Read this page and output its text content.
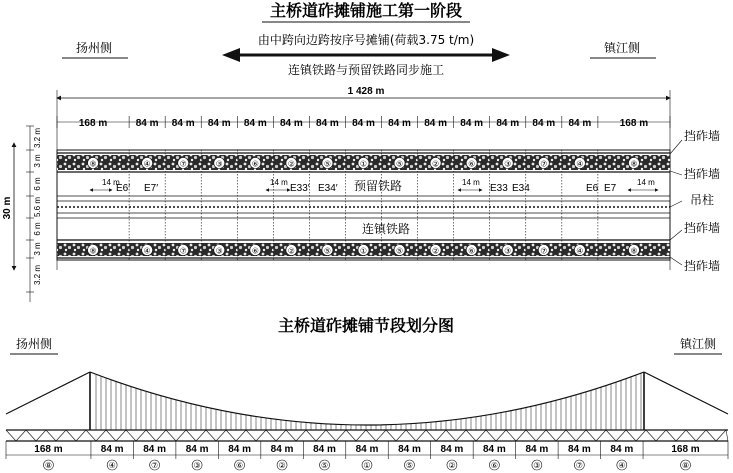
主桥道砟摊铺施工第一阶段
扬州侧	镇江侧
由中跨向边跨按序号摊铺(荷载3.75 t/m)
连镇铁路与预留铁路同步施工
1 428 m
168 m	84 m 84 m 84 m 84 m 84 m 84 m 84 m 84 m 84 m 84 m 84 m 84 m 84 m	168 m
⑧	④	⑦	③	⑥	②	⑤	①	⑤	②	⑥	③	⑦	④	⑧
⑧	④	⑦	③	⑥	②	⑤	①	⑤	②	⑥	③	⑦	④	⑧
预留铁路
连镇铁路
14 m	14 m	14 m	14 m
E6′ E7′	E33′ E34′	E33 E34	E6 E7
挡砟墙
挡砟墙
吊柱
挡砟墙
挡砟墙
30 m
3.2 m
3 m
6 m
5.6 m
6 m
3 m
3.2 m
主桥道砟摊铺节段划分图
扬州侧	镇江侧
168 m
⑧
84 m
④
84 m
⑦
84 m
③
84 m
⑥
84 m
②
84 m
⑤
84 m
①
84 m
⑤
84 m
②
84 m
⑥
84 m
③
84 m
⑦
84 m
④
168 m
⑧
